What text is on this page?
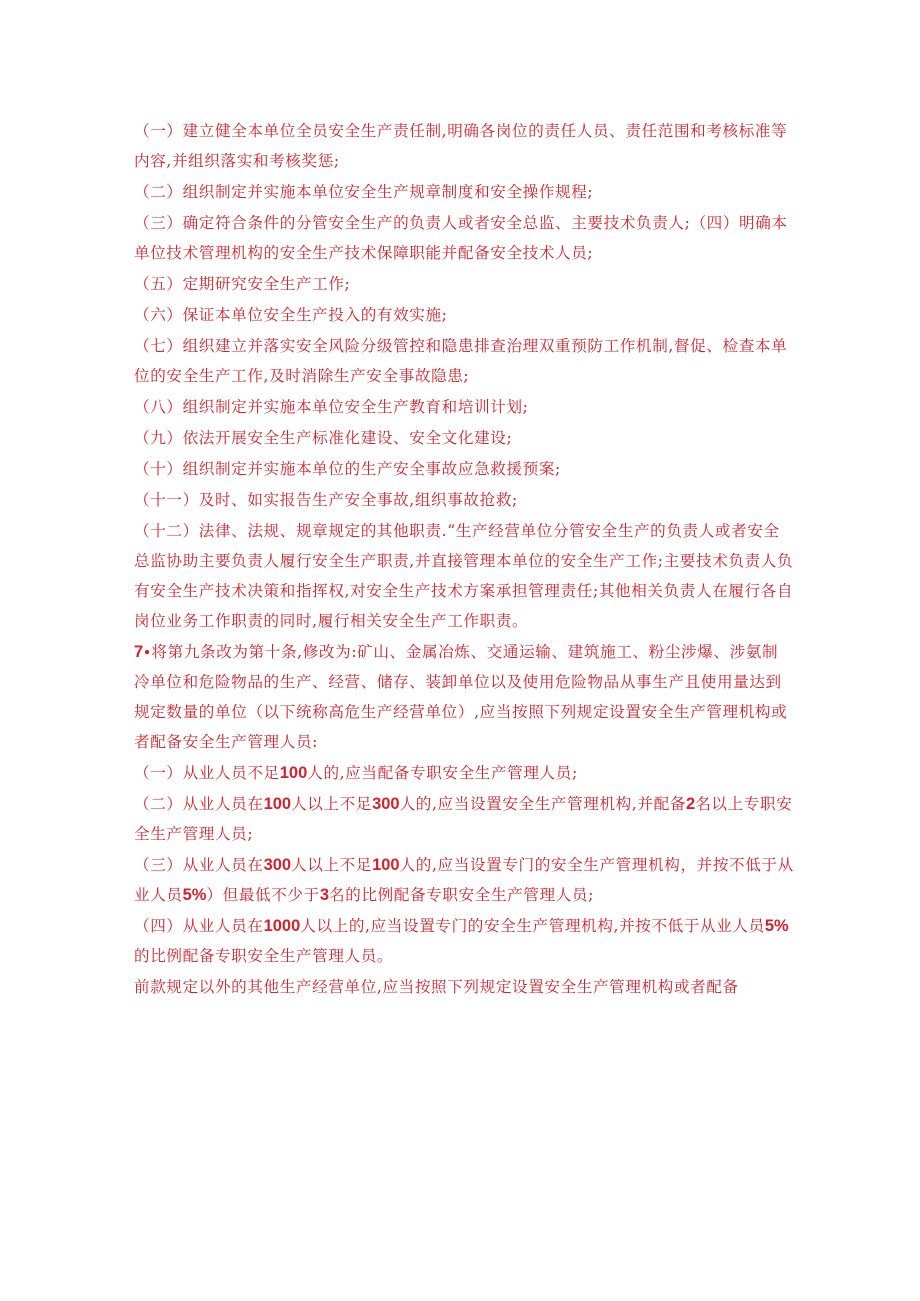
（一）建立健全本单位全员安全生产责任制,明确各岗位的责任人员、责任范围和考核标准等内容,并组织落实和考核奖惩;

（二）组织制定并实施本单位安全生产规章制度和安全操作规程;

（三）确定符合条件的分管安全生产的负责人或者安全总监、主要技术负责人;（四）明确本单位技术管理机构的安全生产技术保障职能并配备安全技术人员;

（五）定期研究安全生产工作;

（六）保证本单位安全生产投入的有效实施;

（七）组织建立并落实安全风险分级管控和隐患排查治理双重预防工作机制,督促、检查本单位的安全生产工作,及时消除生产安全事故隐患;

（八）组织制定并实施本单位安全生产教育和培训计划;

（九）依法开展安全生产标准化建设、安全文化建设;

（十）组织制定并实施本单位的生产安全事故应急救援预案;

（十一）及时、如实报告生产安全事故,组织事故抢救;

（十二）法律、法规、规章规定的其他职责.“生产经营单位分管安全生产的负责人或者安全总监协助主要负责人履行安全生产职责,并直接管理本单位的安全生产工作;主要技术负责人负有安全生产技术决策和指挥权,对安全生产技术方案承担管理责任;其他相关负责人在履行各自岗位业务工作职责的同时,履行相关安全生产工作职责。

7∙将第九条改为第十条,修改为:矿山、金属冶炼、交通运输、建筑施工、粉尘涉爆、涉氨制冷单位和危险物品的生产、经营、储存、装卸单位以及使用危险物品从事生产且使用量达到规定数量的单位（以下统称高危生产经营单位）,应当按照下列规定设置安全生产管理机构或者配备安全生产管理人员:

（一）从业人员不足100人的,应当配备专职安全生产管理人员;

（二）从业人员在100人以上不足300人的,应当设置安全生产管理机构,并配备2名以上专职安全生产管理人员;

（三）从业人员在300人以上不足100人的,应当设置专门的安全生产管理机构，并按不低于从业人员5%）但最低不少于3名的比例配备专职安全生产管理人员;

（四）从业人员在1000人以上的,应当设置专门的安全生产管理机构,并按不低于从业人员5%的比例配备专职安全生产管理人员。

前款规定以外的其他生产经营单位,应当按照下列规定设置安全生产管理机构或者配备
